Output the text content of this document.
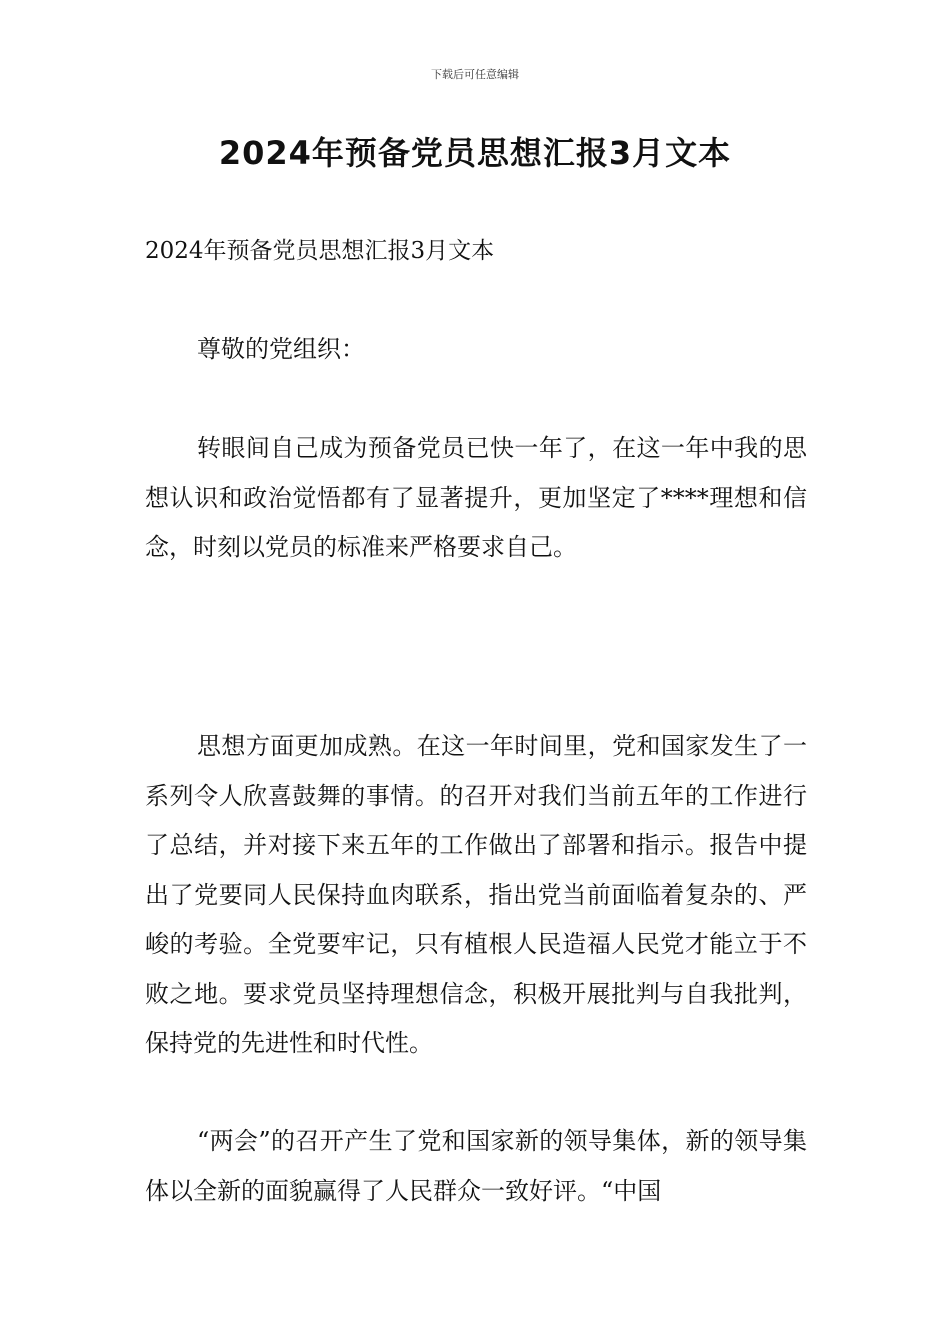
下载后可任意编辑
2024年预备党员思想汇报3月文本

2024年预备党员思想汇报3月文本

尊敬的党组织：

转眼间自己成为预备党员已快一年了，在这一年中我的思想认识和政治觉悟都有了显著提升，更加坚定了****理想和信念，时刻以党员的标准来严格要求自己。

思想方面更加成熟。在这一年时间里，党和国家发生了一系列令人欣喜鼓舞的事情。的召开对我们当前五年的工作进行了总结，并对接下来五年的工作做出了部署和指示。报告中提出了党要同人民保持血肉联系，指出党当前面临着复杂的、严峻的考验。全党要牢记，只有植根人民造福人民党才能立于不败之地。要求党员坚持理想信念，积极开展批判与自我批判，保持党的先进性和时代性。

“两会”的召开产生了党和国家新的领导集体，新的领导集体以全新的面貌赢得了人民群众一致好评。“中国
